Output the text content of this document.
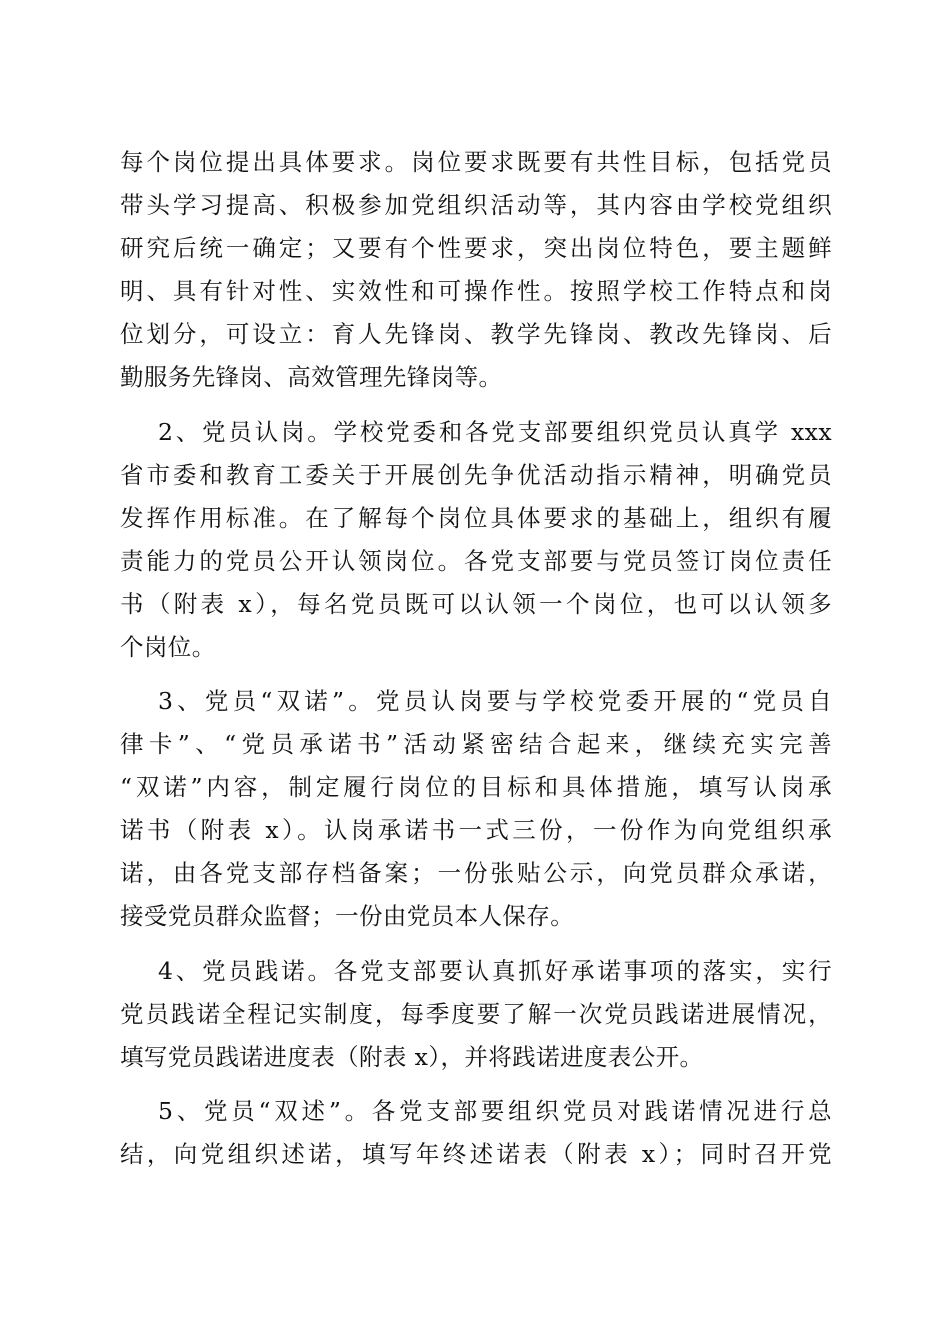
每个岗位提出具体要求。岗位要求既要有共性目标，包括党员
带头学习提高、积极参加党组织活动等，其内容由学校党组织
研究后统一确定；又要有个性要求，突出岗位特色，要主题鲜
明、具有针对性、实效性和可操作性。按照学校工作特点和岗
位划分，可设立：育人先锋岗、教学先锋岗、教改先锋岗、后
勤服务先锋岗、高效管理先锋岗等。
2、党员认岗。学校党委和各党支部要组织党员认真学 xxx
省市委和教育工委关于开展创先争优活动指示精神，明确党员
发挥作用标准。在了解每个岗位具体要求的基础上，组织有履
责能力的党员公开认领岗位。各党支部要与党员签订岗位责任
书（附表 x），每名党员既可以认领一个岗位，也可以认领多
个岗位。
3、党员“双诺”。党员认岗要与学校党委开展的“党员自
律卡”、“党员承诺书”活动紧密结合起来，继续充实完善
“双诺”内容，制定履行岗位的目标和具体措施，填写认岗承
诺书（附表 x）。认岗承诺书一式三份，一份作为向党组织承
诺，由各党支部存档备案；一份张贴公示，向党员群众承诺，
接受党员群众监督；一份由党员本人保存。
4、党员践诺。各党支部要认真抓好承诺事项的落实，实行
党员践诺全程记实制度，每季度要了解一次党员践诺进展情况，
填写党员践诺进度表（附表 x），并将践诺进度表公开。
5、党员“双述”。各党支部要组织党员对践诺情况进行总
结，向党组织述诺，填写年终述诺表（附表 x）；同时召开党
